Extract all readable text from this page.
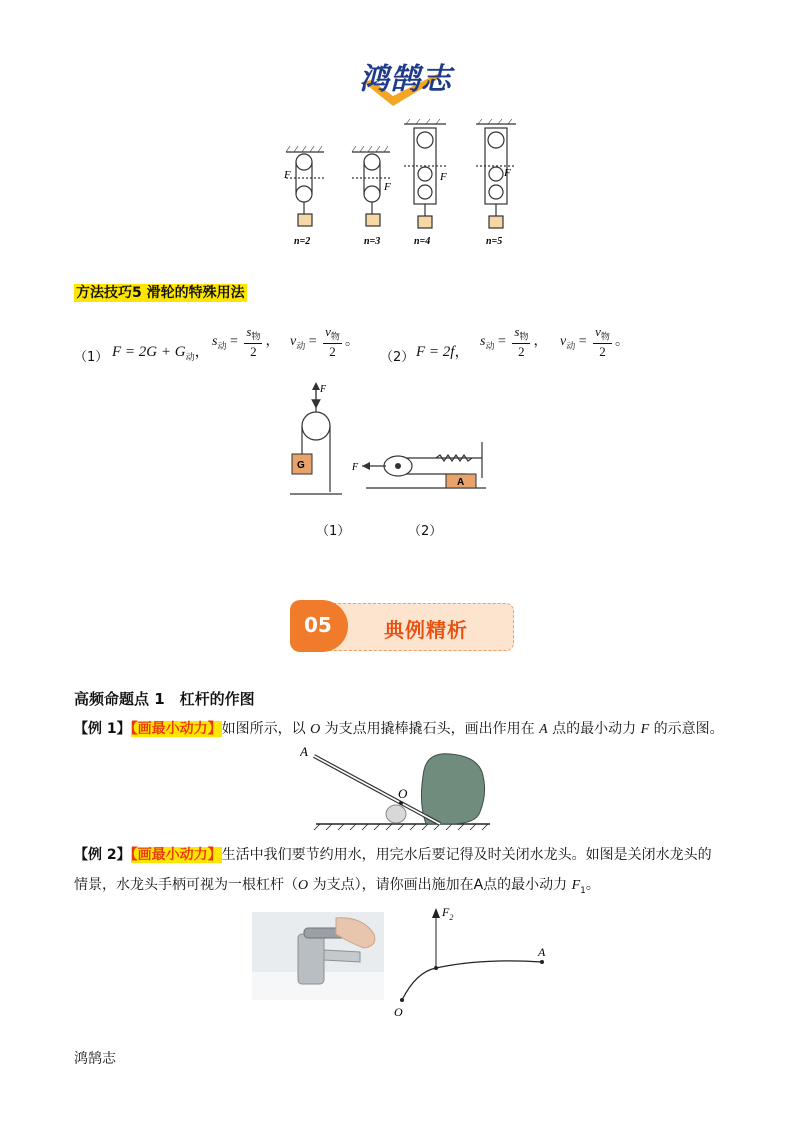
鸿鹄志
F
F
F	F
n=2	n=3	n=4	n=5
方法技巧5 滑轮的特殊用法
（1） $F = 2G + G_动$，
$s_动 = \frac{s_物}{2}$ ， $v_动 = \frac{v_物}{2}$ 。
（2） F = 2f，
$s_动 = \frac{s_物}{2}$ ， $v_动 = \frac{v_物}{2}$ 。
F
G	F
A
（1）	（2）
05	典例精析
高频命题点 1　杠杆的作图
【例 1】【画最小动力】如图所示，以 O 为支点用撬棒撬石头，画出作用在 A 点的最小动力 F 的示意图。
A
O
【例 2】【画最小动力】生活中我们要节约用水，用完水后要记得及时关闭水龙头。如图是关闭水龙头的
情景，水龙头手柄可视为一根杠杆（O 为支点），请你画出施加在A点的最小动力 $F_1$。
$F_2$
A
O
鸿鹄志
